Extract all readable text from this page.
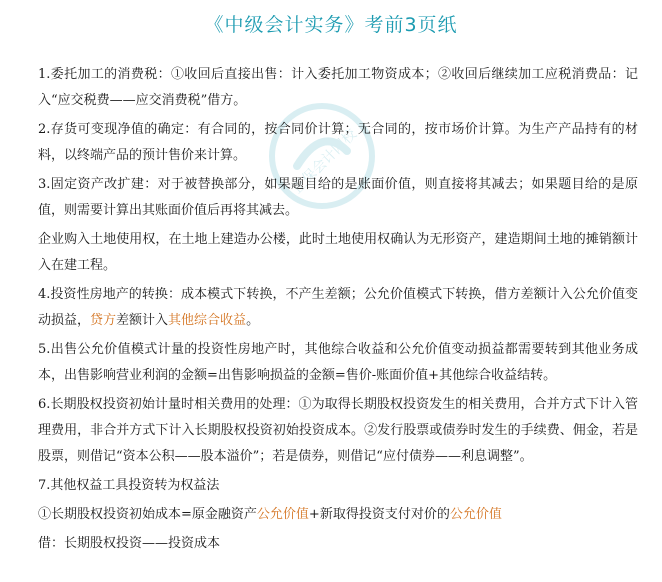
《中级会计实务》考前3页纸
正保会计网校

1.委托加工的消费税：①收回后直接出售：计入委托加工物资成本；②收回后继续加工应税消费品：记入“应交税费——应交消费税”借方。

2.存货可变现净值的确定：有合同的，按合同价计算；无合同的，按市场价计算。为生产产品持有的材料，以终端产品的预计售价来计算。

3.固定资产改扩建：对于被替换部分，如果题目给的是账面价值，则直接将其减去；如果题目给的是原值，则需要计算出其账面价值后再将其减去。

企业购入土地使用权，在土地上建造办公楼，此时土地使用权确认为无形资产，建造期间土地的摊销额计入在建工程。

4.投资性房地产的转换：成本模式下转换，不产生差额；公允价值模式下转换，借方差额计入公允价值变动损益，贷方差额计入其他综合收益。

5.出售公允价值模式计量的投资性房地产时，其他综合收益和公允价值变动损益都需要转到其他业务成本，出售影响营业利润的金额=出售影响损益的金额=售价-账面价值+其他综合收益结转。

6.长期股权投资初始计量时相关费用的处理：①为取得长期股权投资发生的相关费用，合并方式下计入管理费用，非合并方式下计入长期股权投资初始投资成本。②发行股票或债券时发生的手续费、佣金，若是股票，则借记“资本公积——股本溢价”；若是债券，则借记“应付债券——利息调整”。

7.其他权益工具投资转为权益法

①长期股权投资初始成本=原金融资产公允价值+新取得投资支付对价的公允价值

借：长期股权投资——投资成本
